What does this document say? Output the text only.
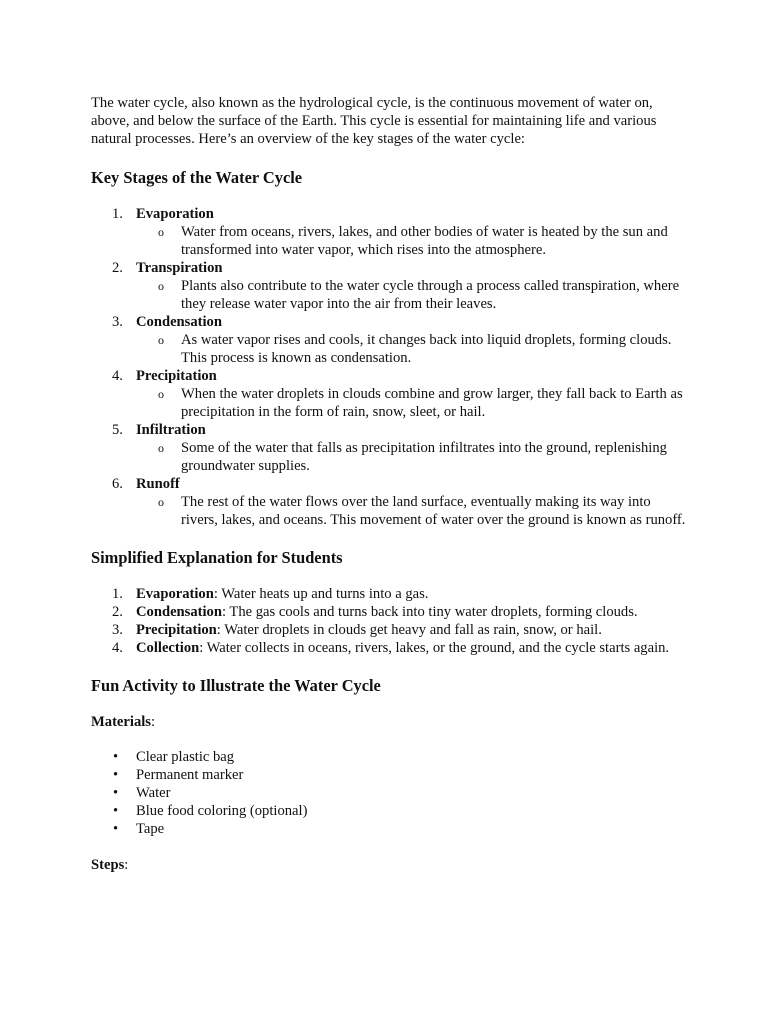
The water cycle, also known as the hydrological cycle, is the continuous movement of water on, above, and below the surface of the Earth. This cycle is essential for maintaining life and various natural processes. Here’s an overview of the key stages of the water cycle:

Key Stages of the Water Cycle
1. Evaporation
o Water from oceans, rivers, lakes, and other bodies of water is heated by the sun and transformed into water vapor, which rises into the atmosphere.
2. Transpiration
o Plants also contribute to the water cycle through a process called transpiration, where they release water vapor into the air from their leaves.
3. Condensation
o As water vapor rises and cools, it changes back into liquid droplets, forming clouds. This process is known as condensation.
4. Precipitation
o When the water droplets in clouds combine and grow larger, they fall back to Earth as precipitation in the form of rain, snow, sleet, or hail.
5. Infiltration
o Some of the water that falls as precipitation infiltrates into the ground, replenishing groundwater supplies.
6. Runoff
o The rest of the water flows over the land surface, eventually making its way into rivers, lakes, and oceans. This movement of water over the ground is known as runoff.
Simplified Explanation for Students
1. Evaporation: Water heats up and turns into a gas.
2. Condensation: The gas cools and turns back into tiny water droplets, forming clouds.
3. Precipitation: Water droplets in clouds get heavy and fall as rain, snow, or hail.
4. Collection: Water collects in oceans, rivers, lakes, or the ground, and the cycle starts again.
Fun Activity to Illustrate the Water Cycle

Materials:

• Clear plastic bag
• Permanent marker
• Water
• Blue food coloring (optional)
• Tape

Steps:
